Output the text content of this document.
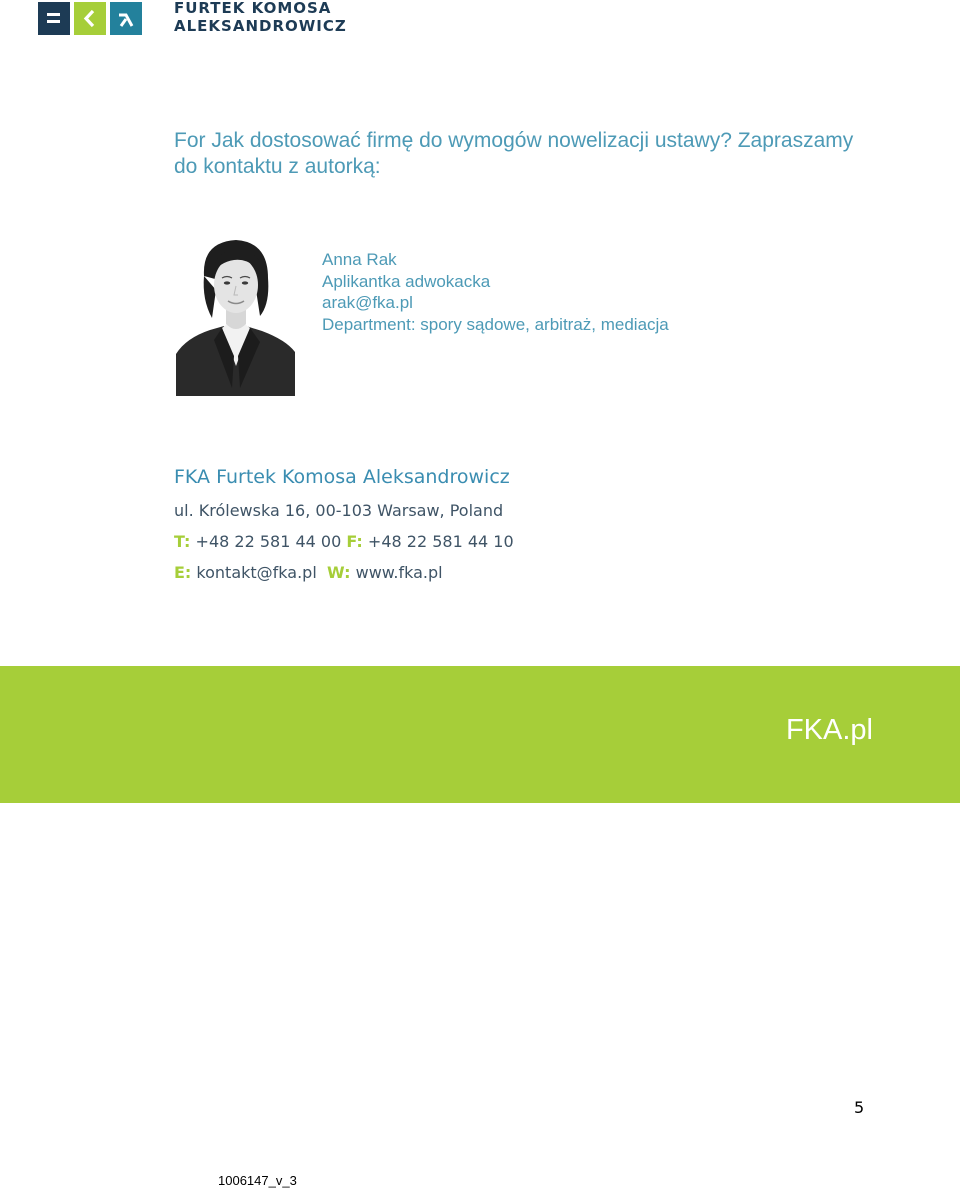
FURTEK KOMOSA
ALEKSANDROWICZ
For Jak dostosować firmę do wymogów nowelizacji ustawy? Zapraszamy do kontaktu z autorką:
Anna Rak
Aplikantka adwokacka
arak@fka.pl
Department: spory sądowe, arbitraż, mediacja
FKA Furtek Komosa Aleksandrowicz
ul. Królewska 16, 00-103 Warsaw, Poland
T: +48 22 581 44 00 F: +48 22 581 44 10
E: kontakt@fka.pl W: www.fka.pl
FKA.pl
5
1006147_v_3
